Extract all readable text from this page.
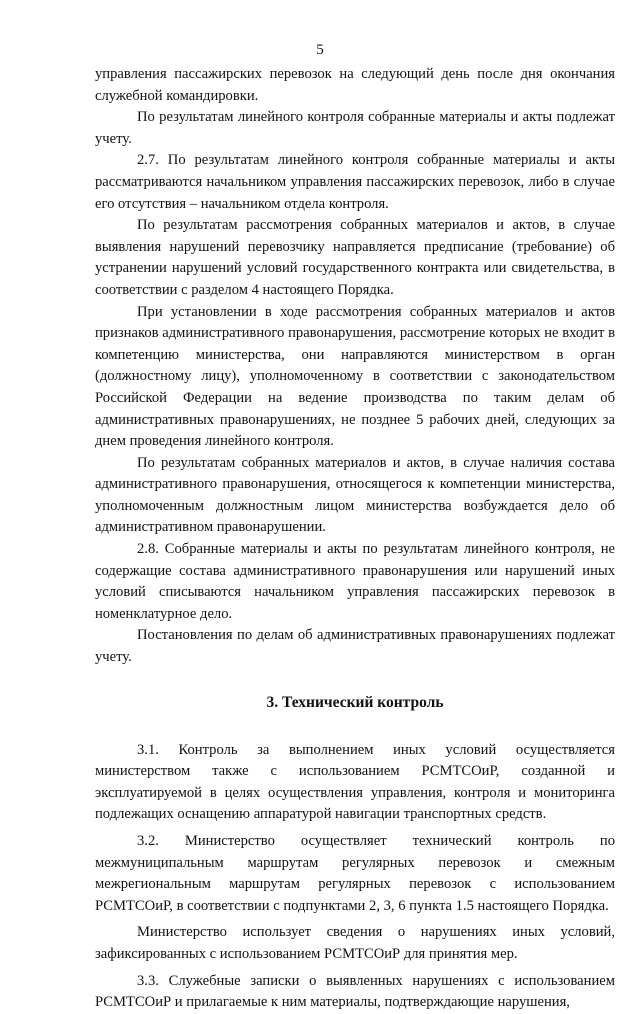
5

управления пассажирских перевозок на следующий день после дня окончания служебной командировки.

По результатам линейного контроля собранные материалы и акты подлежат учету.

2.7. По результатам линейного контроля собранные материалы и акты рассматриваются начальником управления пассажирских перевозок, либо в случае его отсутствия – начальником отдела контроля.

По результатам рассмотрения собранных материалов и актов, в случае выявления нарушений перевозчику направляется предписание (требование) об устранении нарушений условий государственного контракта или свидетельства, в соответствии с разделом 4 настоящего Порядка.

При установлении в ходе рассмотрения собранных материалов и актов признаков административного правонарушения, рассмотрение которых не входит в компетенцию министерства, они направляются министерством в орган (должностному лицу), уполномоченному в соответствии с законодательством Российской Федерации на ведение производства по таким делам об административных правонарушениях, не позднее 5 рабочих дней, следующих за днем проведения линейного контроля.

По результатам собранных материалов и актов, в случае наличия состава административного правонарушения, относящегося к компетенции министерства, уполномоченным должностным лицом министерства возбуждается дело об административном правонарушении.

2.8. Собранные материалы и акты по результатам линейного контроля, не содержащие состава административного правонарушения или нарушений иных условий списываются начальником управления пассажирских перевозок в номенклатурное дело.

Постановления по делам об административных правонарушениях подлежат учету.

3. Технический контроль

3.1. Контроль за выполнением иных условий осуществляется министерством также с использованием РСМТСОиР, созданной и эксплуатируемой в целях осуществления управления, контроля и мониторинга подлежащих оснащению аппаратурой навигации транспортных средств.

3.2. Министерство осуществляет технический контроль по межмуниципальным маршрутам регулярных перевозок и смежным межрегиональным маршрутам регулярных перевозок с использованием РСМТСОиР, в соответствии с подпунктами 2, 3, 6 пункта 1.5 настоящего Порядка.

Министерство использует сведения о нарушениях иных условий, зафиксированных с использованием РСМТСОиР для принятия мер.

3.3. Служебные записки о выявленных нарушениях с использованием РСМТСОиР и прилагаемые к ним материалы, подтверждающие нарушения,
